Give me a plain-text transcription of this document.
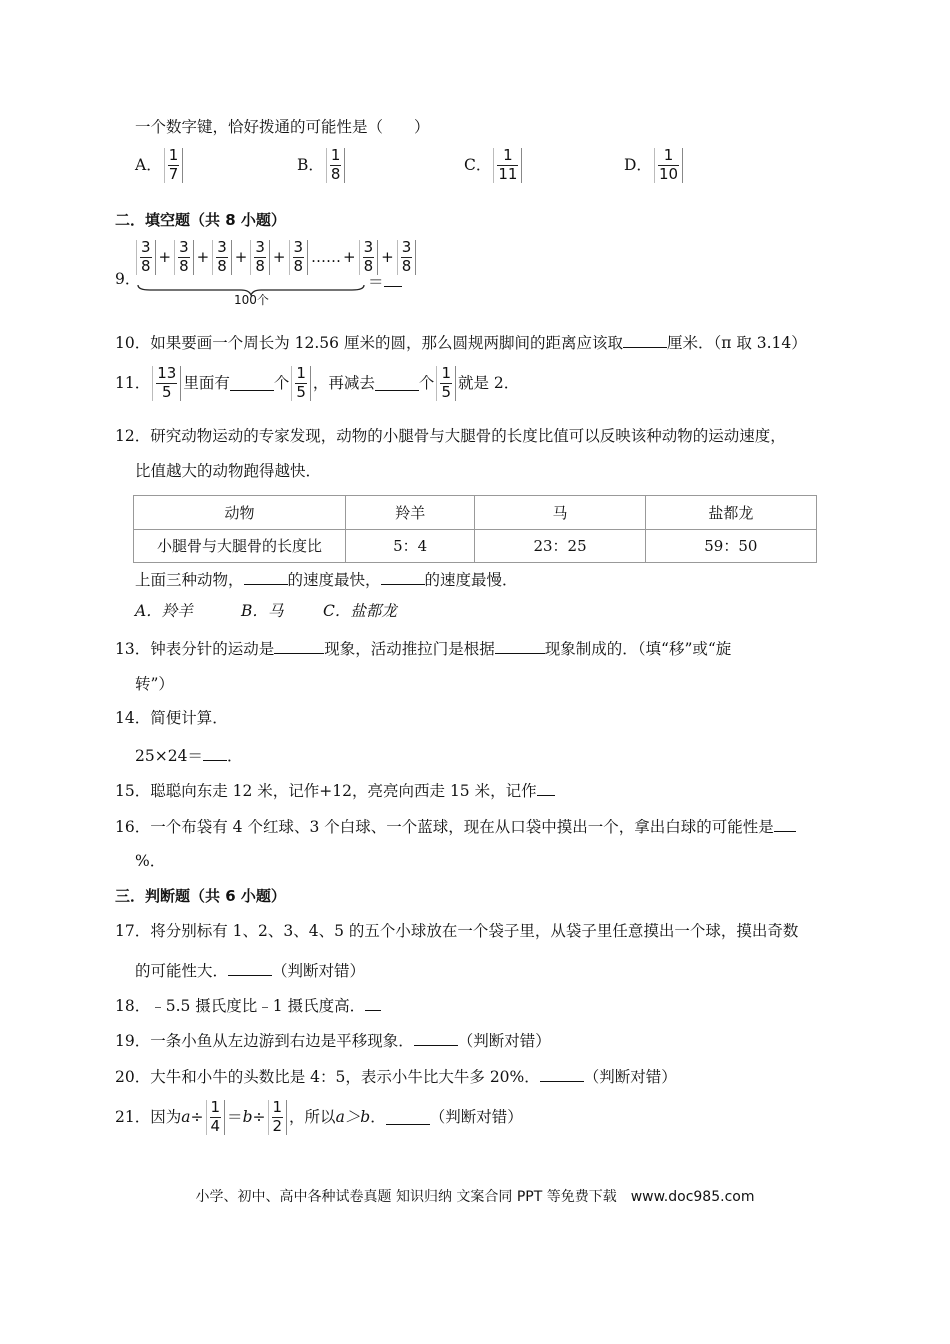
一个数字键，恰好拨通的可能性是（　　）
A． $\frac{1}{7}$	B． $\frac{1}{8}$	C． $\frac{1}{11}$	D． $\frac{1}{10}$
二．填空题（共 8 小题）
9．
$\frac{3}{8} + \frac{3}{8} + \frac{3}{8} + \frac{3}{8} + \frac{3}{8}$ …… + $\frac{3}{8} + \frac{3}{8}$
100个
＝
10．如果要画一个周长为 12.56 厘米的圆，那么圆规两脚间的距离应该取	厘米．（π 取 3.14）
11． $\frac{13}{5}$ 里面有	个 $\frac{1}{5}$ ，再减去	个 $\frac{1}{5}$ 就是 2．
12．研究动物运动的专家发现，动物的小腿骨与大腿骨的长度比值可以反映该种动物的运动速度，
比值越大的动物跑得越快．
动物	羚羊	马	盐都龙
小腿骨与大腿骨的长度比	5：4	23：25	59：50
上面三种动物，	的速度最快，	的速度最慢．
A．羚羊	B．马	C．盐都龙
13．钟表分针的运动是	现象，活动推拉门是根据	现象制成的．（填“移”或“旋
转”）
14．简便计算．
25×24＝ ．
15．聪聪向东走 12 米，记作+12，亮亮向西走 15 米，记作
16．一个布袋有 4 个红球、3 个白球、一个蓝球，现在从口袋中摸出一个，拿出白球的可能性是
%．
三．判断题（共 6 小题）
17．将分别标有 1、2、3、4、5 的五个小球放在一个袋子里，从袋子里任意摸出一个球，摸出奇数
的可能性大．	（判断对错）
18．﹣5.5 摄氏度比﹣1 摄氏度高．
19．一条小鱼从左边游到右边是平移现象．	（判断对错）
20．大牛和小牛的头数比是 4：5，表示小牛比大牛多 20%．	（判断对错）
21． 因为 $a \div \frac{1}{4} = b \div \frac{1}{2}$ ，所以 a＞b ．	（判断对错）
小学、初中、高中各种试卷真题 知识归纳 文案合同 PPT 等免费下载　www.doc985.com
